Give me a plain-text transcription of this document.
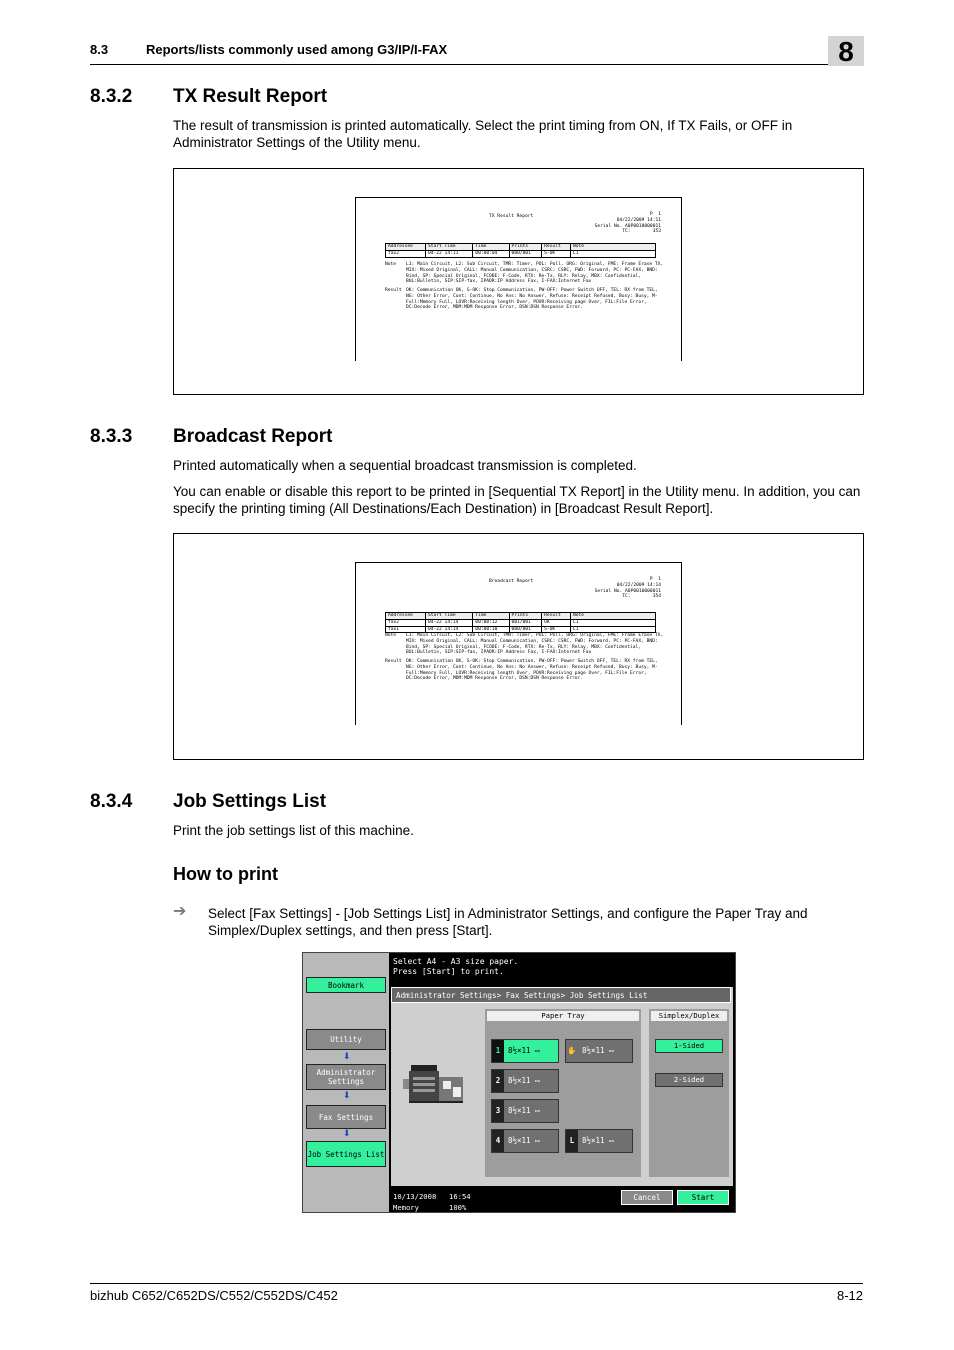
8.3	Reports/lists commonly used among G3/IP/I-FAX	8
8.3.2 TX Result Report
The result of transmission is printed automatically. Select the print timing from ON, If TX Fails, or OFF in Administrator Settings of the Utility menu.
TX Result Report	P  1
04/22/2009 14:11
Serial No. A0P0010000011
TC:        353
Addressee	Start Time	Time	Prints	Result	Note
fax2	04-22 14:11	00:00:04	000/001	S-OK	L1
Note L1: Main Circuit, L2: Sub Circuit, TMR: Timer, POL: Poll, ORG: Original, FME: Frame Erase TX, MIX: Mixed Original, CALL: Manual Communication, CSRC: CSRC, FWD: Forward, PC: PC-FAX, BND: Bind, SP: Special Original, FCODE: F-Code, RTX: Re-Tx, RLY: Relay, MBX: Confidential, BUL:Bulletin, SIP:SIP-fax, IPADR:IP Address Fax, I-FAX:Internet Fax
Result OK: Communication OK, S-OK: Stop Communication, PW-OFF: Power Switch OFF, TEL: RX from TEL, NG: Other Error, Cont: Continue, No Ans: No Answer, Refuse: Receipt Refused, Busy: Busy, M-Full:Memory Full, LOVR:Receiving length Over, POVR:Receiving page Over, FIL:File Error, DC:Decode Error, MDM:MDM Response Error, DSN:DSN Response Error.
8.3.3 Broadcast Report
Printed automatically when a sequential broadcast transmission is completed.
You can enable or disable this report to be printed in [Sequential TX Report] in the Utility menu. In addition, you can specify the printing timing (All Destinations/Each Destination) in [Broadcast Result Report].
Broadcast Report	P  1
04/22/2009 14:14
Serial No. A0P0010000011
TC:        354
Addressee	Start Time	Time	Prints	Result	Note
fax2	04-22 14:14	00:00:12	001/001	OK	L1
fax1	04-22 14:14	00:00:10	000/001	S-OK	L1
Note L1: Main Circuit, L2: Sub Circuit, TMR: Timer, POL: Poll, ORG: Original, FME: Frame Erase TX, MIX: Mixed Original, CALL: Manual Communication, CSRC: CSRC, FWD: Forward, PC: PC-FAX, BND: Bind, SP: Special Original, FCODE: F-Code, RTX: Re-Tx, RLY: Relay, MBX: Confidential, BUL:Bulletin, SIP:SIP-fax, IPADR:IP Address Fax, I-FAX:Internet Fax
Result OK: Communication OK, S-OK: Stop Communication, PW-OFF: Power Switch OFF, TEL: RX from TEL, NG: Other Error, Cont: Continue, No Ans: No Answer, Refuse: Receipt Refused, Busy: Busy, M-Full:Memory Full, LOVR:Receiving length Over, POVR:Receiving page Over, FIL:File Error, DC:Decode Error, MDM:MDM Response Error, DSN:DSN Response Error.
8.3.4 Job Settings List
Print the job settings list of this machine.
How to print
➔ Select [Fax Settings] - [Job Settings List] in Administrator Settings, and configure the Paper Tray and Simplex/Duplex settings, and then press [Start].
Bookmark
Utility
⬇
Administrator Settings
⬇
Fax Settings
⬇
Job Settings List
Select A4 - A3 size paper.
Press [Start] to print.
Administrator Settings> Fax Settings> Job Settings List
Paper Tray
1	8½×11 ▭	✋ 8½×11 ▭
2	8½×11 ▭
3	8½×11 ▭
4	8½×11 ▭	L	8½×11 ▭
Simplex/Duplex
1-Sided
2-Sided
10/13/2008 16:54
Memory	100%
Cancel	Start
bizhub C652/C652DS/C552/C552DS/C452	8-12
